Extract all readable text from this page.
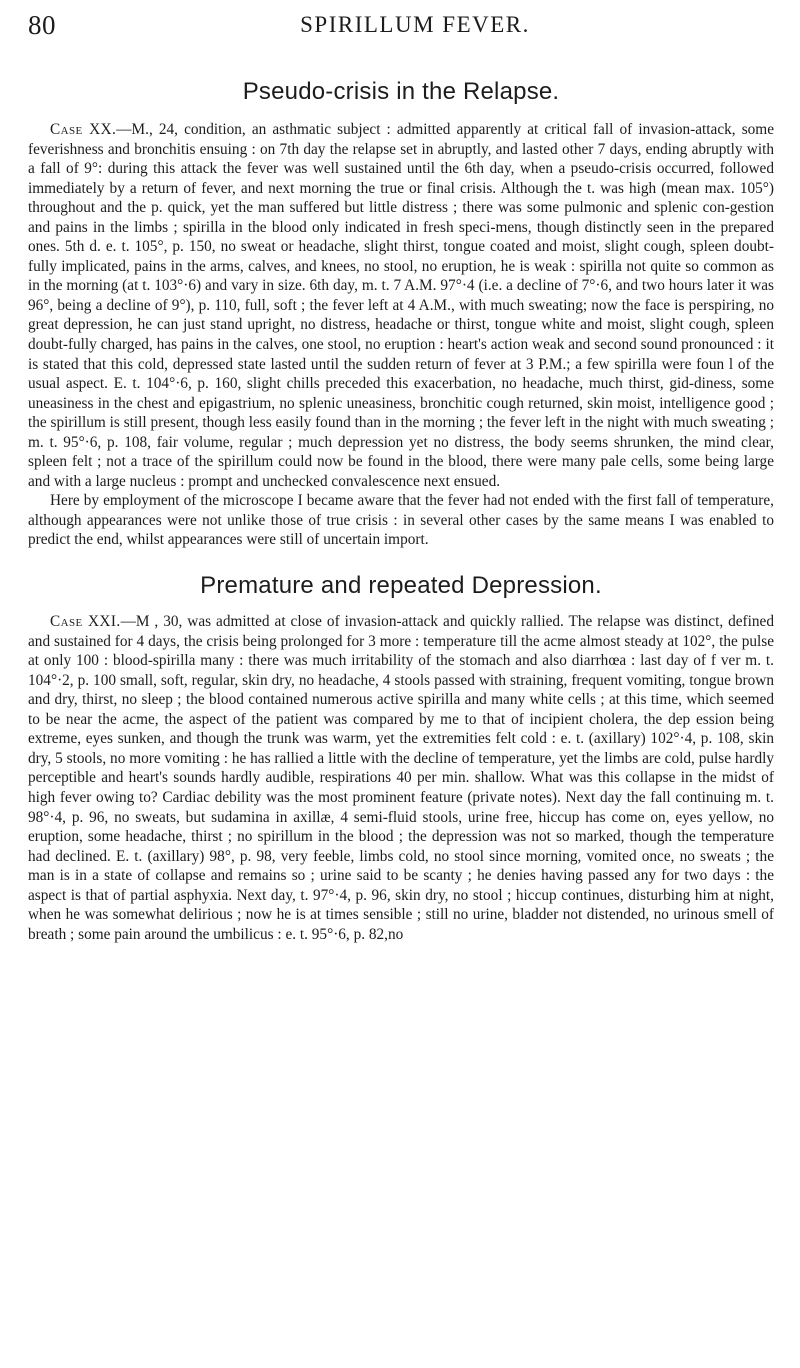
80	SPIRILLUM FEVER.
Pseudo-crisis in the Relapse.

Case XX.—M., 24, condition, an asthmatic subject : admitted apparently at critical fall of invasion-attack, some feverishness and bronchitis ensuing : on 7th day the relapse set in abruptly, and lasted other 7 days, ending abruptly with a fall of 9°: during this attack the fever was well sustained until the 6th day, when a pseudo-crisis occurred, followed immediately by a return of fever, and next morning the true or final crisis. Although the t. was high (mean max. 105°) throughout and the p. quick, yet the man suffered but little distress ; there was some pulmonic and splenic con-gestion and pains in the limbs ; spirilla in the blood only indicated in fresh speci-mens, though distinctly seen in the prepared ones. 5th d. e. t. 105°, p. 150, no sweat or headache, slight thirst, tongue coated and moist, slight cough, spleen doubt-fully implicated, pains in the arms, calves, and knees, no stool, no eruption, he is weak : spirilla not quite so common as in the morning (at t. 103°·6) and vary in size. 6th day, m. t. 7 A.M. 97°·4 (i.e. a decline of 7°·6, and two hours later it was 96°, being a decline of 9°), p. 110, full, soft ; the fever left at 4 A.M., with much sweating; now the face is perspiring, no great depression, he can just stand upright, no distress, headache or thirst, tongue white and moist, slight cough, spleen doubt-fully charged, has pains in the calves, one stool, no eruption : heart's action weak and second sound pronounced : it is stated that this cold, depressed state lasted until the sudden return of fever at 3 P.M.; a few spirilla were foun l of the usual aspect. E. t. 104°·6, p. 160, slight chills preceded this exacerbation, no headache, much thirst, gid-diness, some uneasiness in the chest and epigastrium, no splenic uneasiness, bronchitic cough returned, skin moist, intelligence good ; the spirillum is still present, though less easily found than in the morning ; the fever left in the night with much sweating ; m. t. 95°·6, p. 108, fair volume, regular ; much depression yet no distress, the body seems shrunken, the mind clear, spleen felt ; not a trace of the spirillum could now be found in the blood, there were many pale cells, some being large and with a large nucleus : prompt and unchecked convalescence next ensued.

Here by employment of the microscope I became aware that the fever had not ended with the first fall of temperature, although appearances were not unlike those of true crisis : in several other cases by the same means I was enabled to predict the end, whilst appearances were still of uncertain import.

Premature and repeated Depression.

Case XXI.—M , 30, was admitted at close of invasion-attack and quickly rallied. The relapse was distinct, defined and sustained for 4 days, the crisis being prolonged for 3 more : temperature till the acme almost steady at 102°, the pulse at only 100 : blood-spirilla many : there was much irritability of the stomach and also diarrhœa : last day of f ver m. t. 104°·2, p. 100 small, soft, regular, skin dry, no headache, 4 stools passed with straining, frequent vomiting, tongue brown and dry, thirst, no sleep ; the blood contained numerous active spirilla and many white cells ; at this time, which seemed to be near the acme, the aspect of the patient was compared by me to that of incipient cholera, the dep ession being extreme, eyes sunken, and though the trunk was warm, yet the extremities felt cold : e. t. (axillary) 102°·4, p. 108, skin dry, 5 stools, no more vomiting : he has rallied a little with the decline of temperature, yet the limbs are cold, pulse hardly perceptible and heart's sounds hardly audible, respirations 40 per min. shallow. What was this collapse in the midst of high fever owing to? Cardiac debility was the most prominent feature (private notes). Next day the fall continuing m. t. 98°·4, p. 96, no sweats, but sudamina in axillæ, 4 semi-fluid stools, urine free, hiccup has come on, eyes yellow, no eruption, some headache, thirst ; no spirillum in the blood ; the depression was not so marked, though the temperature had declined. E. t. (axillary) 98°, p. 98, very feeble, limbs cold, no stool since morning, vomited once, no sweats ; the man is in a state of collapse and remains so ; urine said to be scanty ; he denies having passed any for two days : the aspect is that of partial asphyxia. Next day, t. 97°·4, p. 96, skin dry, no stool ; hiccup continues, disturbing him at night, when he was somewhat delirious ; now he is at times sensible ; still no urine, bladder not distended, no urinous smell of breath ; some pain around the umbilicus : e. t. 95°·6, p. 82,no
